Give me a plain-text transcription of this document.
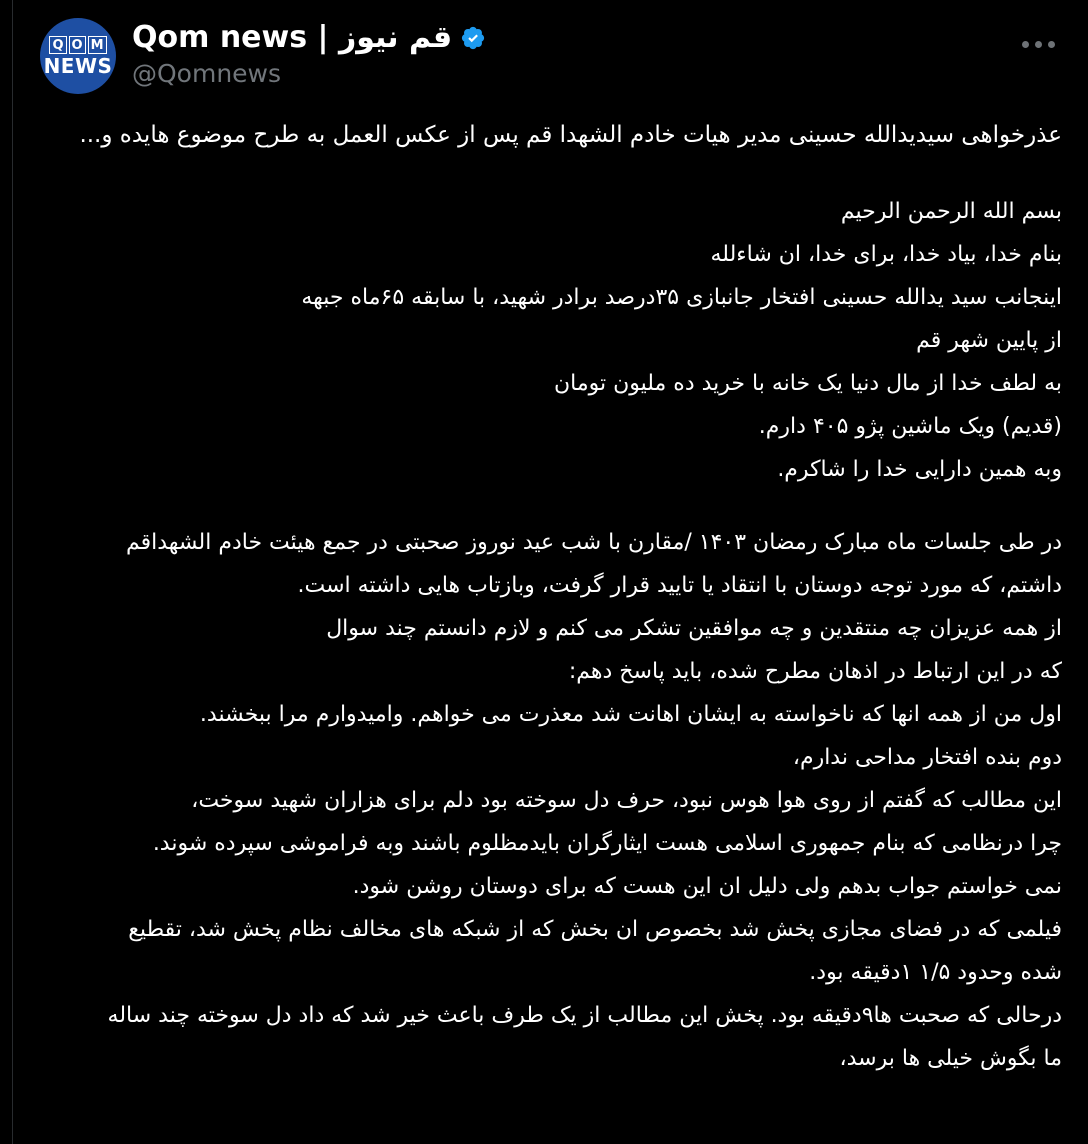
Q O M
NEWS
Qom news | قم نیوز
@Qomnews
عذرخواهی سیدیدالله حسینی مدیر هیات خادم الشهدا قم پس از عکس العمل به طرح موضوع هایده و...
بسم الله الرحمن الرحیم
بنام خدا، بیاد خدا، برای خدا، ان شاءلله
اینجانب سید یدالله حسینی افتخار جانبازی ۳۵درصد برادر شهید، با سابقه ۶۵ماه جبهه
از پایین شهر قم
به لطف خدا از مال دنیا یک خانه با خرید ده ملیون تومان
(قدیم) ویک ماشین پژو ۴۰۵ دارم.
وبه همین دارایی خدا را شاکرم.
در طی جلسات ماه مبارک رمضان ۱۴۰۳ /مقارن با شب عید نوروز صحبتی در جمع هیئت خادم الشهداقم
داشتم، که مورد توجه دوستان با انتقاد یا تایید قرار گرفت، وبازتاب هایی داشته است.
از همه عزیزان چه منتقدین و چه موافقین تشکر می کنم و لازم دانستم چند سوال
که در این ارتباط در اذهان مطرح شده، باید پاسخ دهم:
اول من از همه انها که ناخواسته به ایشان اهانت شد معذرت می خواهم. وامیدوارم مرا ببخشند.
دوم بنده افتخار مداحی ندارم،
این مطالب که گفتم از روی هوا هوس نبود، حرف دل سوخته بود دلم برای هزاران شهید سوخت،
چرا درنظامی که بنام جمهوری اسلامی هست ایثارگران بایدمظلوم باشند وبه فراموشی سپرده شوند.
نمی خواستم جواب بدهم ولی دلیل ان این هست که برای دوستان روشن شود.
فیلمی که در فضای مجازی پخش شد بخصوص ان بخش که از شبکه های مخالف نظام پخش شد، تقطیع
شده وحدود ۱/۵ ۱دقیقه بود.
درحالی که صحبت ها۹دقیقه بود. پخش این مطالب از یک طرف باعث خیر شد که داد دل سوخته چند ساله
ما بگوش خیلی ها برسد،
